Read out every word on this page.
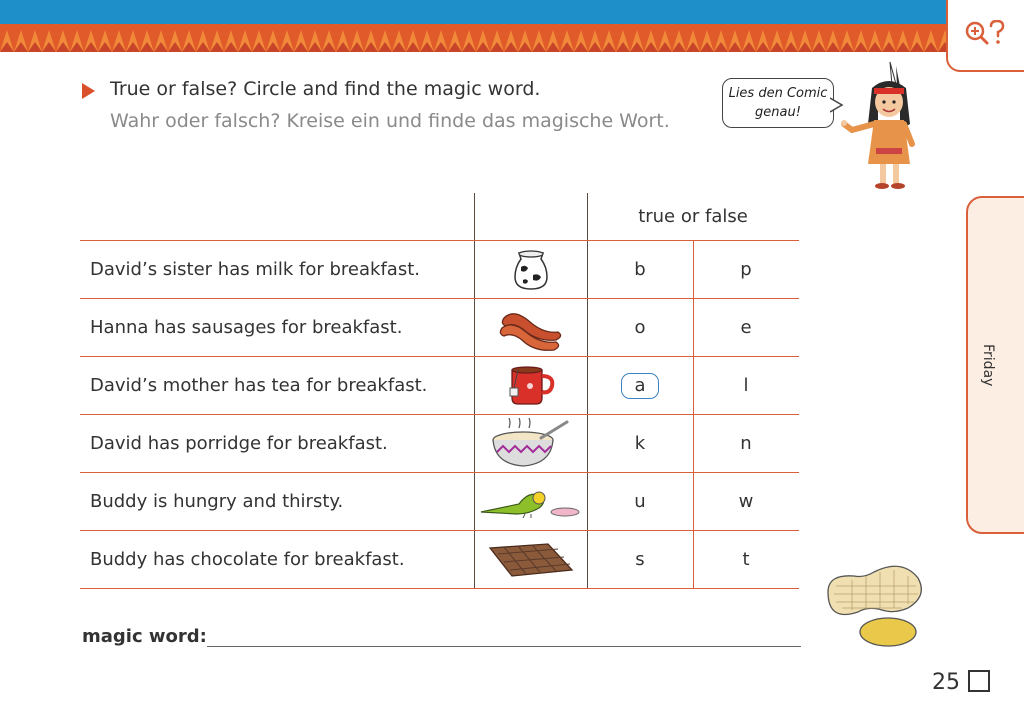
True or false? Circle and find the magic word.
Wahr oder falsch? Kreise ein und finde das magische Wort.
Lies den Comic
genau!
		true or false	
David’s sister has milk for breakfast.		b	p
Hanna has sausages for breakfast.		o	e
David’s mother has tea for breakfast.		a	l
David has porridge for breakfast.		k	n
Buddy is hungry and thirsty.		u	w
Buddy has chocolate for breakfast.		s	t
magic word:
Friday
25
